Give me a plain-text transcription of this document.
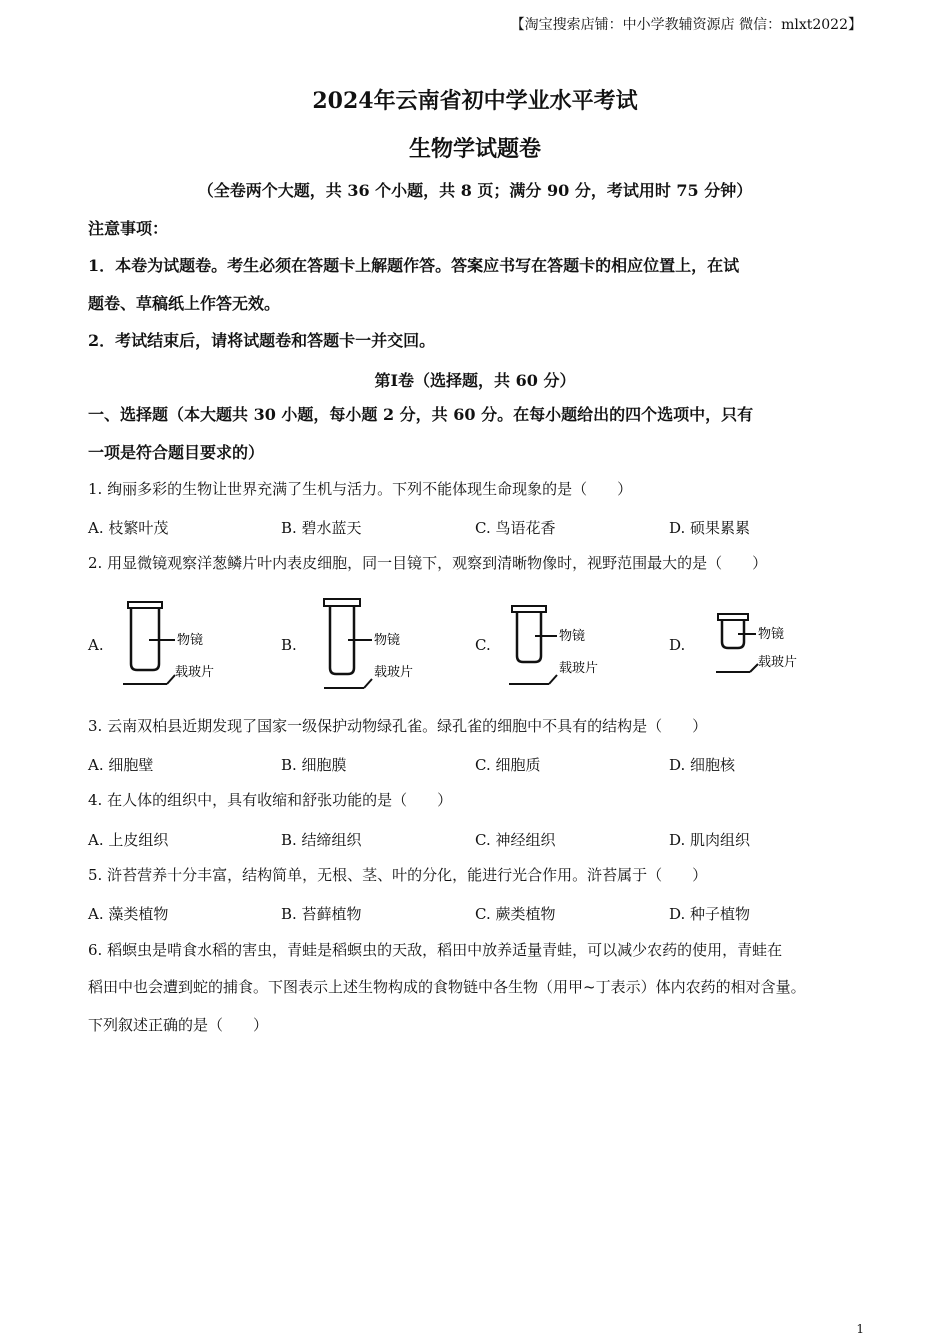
【淘宝搜索店铺：中小学教辅资源店 微信：mlxt2022】
2024年云南省初中学业水平考试
生物学试题卷
（全卷两个大题，共 36 个小题，共 8 页；满分 90 分，考试用时 75 分钟）
注意事项：
1．本卷为试题卷。考生必须在答题卡上解题作答。答案应书写在答题卡的相应位置上，在试
题卷、草稿纸上作答无效。
2．考试结束后，请将试题卷和答题卡一并交回。
第Ⅰ卷（选择题，共 60 分）
一、选择题（本大题共 30 小题，每小题 2 分，共 60 分。在每小题给出的四个选项中，只有
一项是符合题目要求的）
1. 绚丽多彩的生物让世界充满了生机与活力。下列不能体现生命现象的是（　　）
A. 枝繁叶茂	B. 碧水蓝天	C. 鸟语花香	D. 硕果累累
2. 用显微镜观察洋葱鳞片叶内表皮细胞，同一目镜下，观察到清晰物像时，视野范围最大的是（　　）
A.	B.	C.	D.
物镜
载玻片
物镜
载玻片
物镜
载玻片
物镜
载玻片
3. 云南双柏县近期发现了国家一级保护动物绿孔雀。绿孔雀的细胞中不具有的结构是（　　）
A. 细胞壁	B. 细胞膜	C. 细胞质	D. 细胞核
4. 在人体的组织中，具有收缩和舒张功能的是（　　）
A. 上皮组织	B. 结缔组织	C. 神经组织	D. 肌肉组织
5. 浒苔营养十分丰富，结构简单，无根、茎、叶的分化，能进行光合作用。浒苔属于（　　）
A. 藻类植物	B. 苔藓植物	C. 蕨类植物	D. 种子植物
6. 稻螟虫是啃食水稻的害虫，青蛙是稻螟虫的天敌，稻田中放养适量青蛙，可以减少农药的使用，青蛙在
稻田中也会遭到蛇的捕食。下图表示上述生物构成的食物链中各生物（用甲~丁表示）体内农药的相对含量。
下列叙述正确的是（　　）
1
